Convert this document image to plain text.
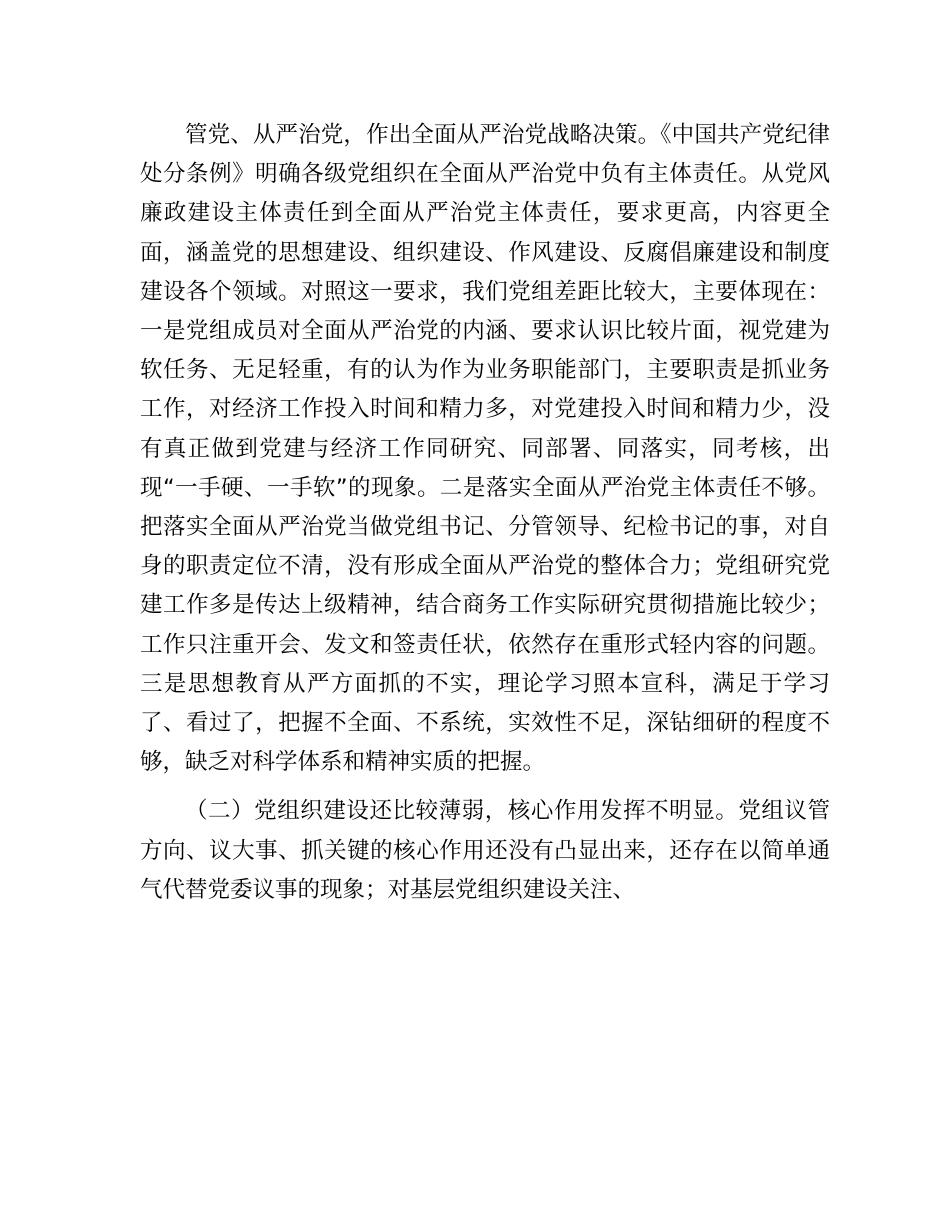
管党、从严治党，作出全面从严治党战略决策。《中国共产党纪律处分条例》明确各级党组织在全面从严治党中负有主体责任。从党风廉政建设主体责任到全面从严治党主体责任，要求更高，内容更全面，涵盖党的思想建设、组织建设、作风建设、反腐倡廉建设和制度建设各个领域。对照这一要求，我们党组差距比较大，主要体现在：一是党组成员对全面从严治党的内涵、要求认识比较片面，视党建为软任务、无足轻重，有的认为作为业务职能部门，主要职责是抓业务工作，对经济工作投入时间和精力多，对党建投入时间和精力少，没有真正做到党建与经济工作同研究、同部署、同落实，同考核，出现“一手硬、一手软”的现象。二是落实全面从严治党主体责任不够。把落实全面从严治党当做党组书记、分管领导、纪检书记的事，对自身的职责定位不清，没有形成全面从严治党的整体合力；党组研究党建工作多是传达上级精神，结合商务工作实际研究贯彻措施比较少；工作只注重开会、发文和签责任状，依然存在重形式轻内容的问题。三是思想教育从严方面抓的不实，理论学习照本宣科，满足于学习了、看过了，把握不全面、不系统，实效性不足，深钻细研的程度不够，缺乏对科学体系和精神实质的把握。

（二）党组织建设还比较薄弱，核心作用发挥不明显。党组议管方向、议大事、抓关键的核心作用还没有凸显出来，还存在以简单通气代替党委议事的现象；对基层党组织建设关注、
